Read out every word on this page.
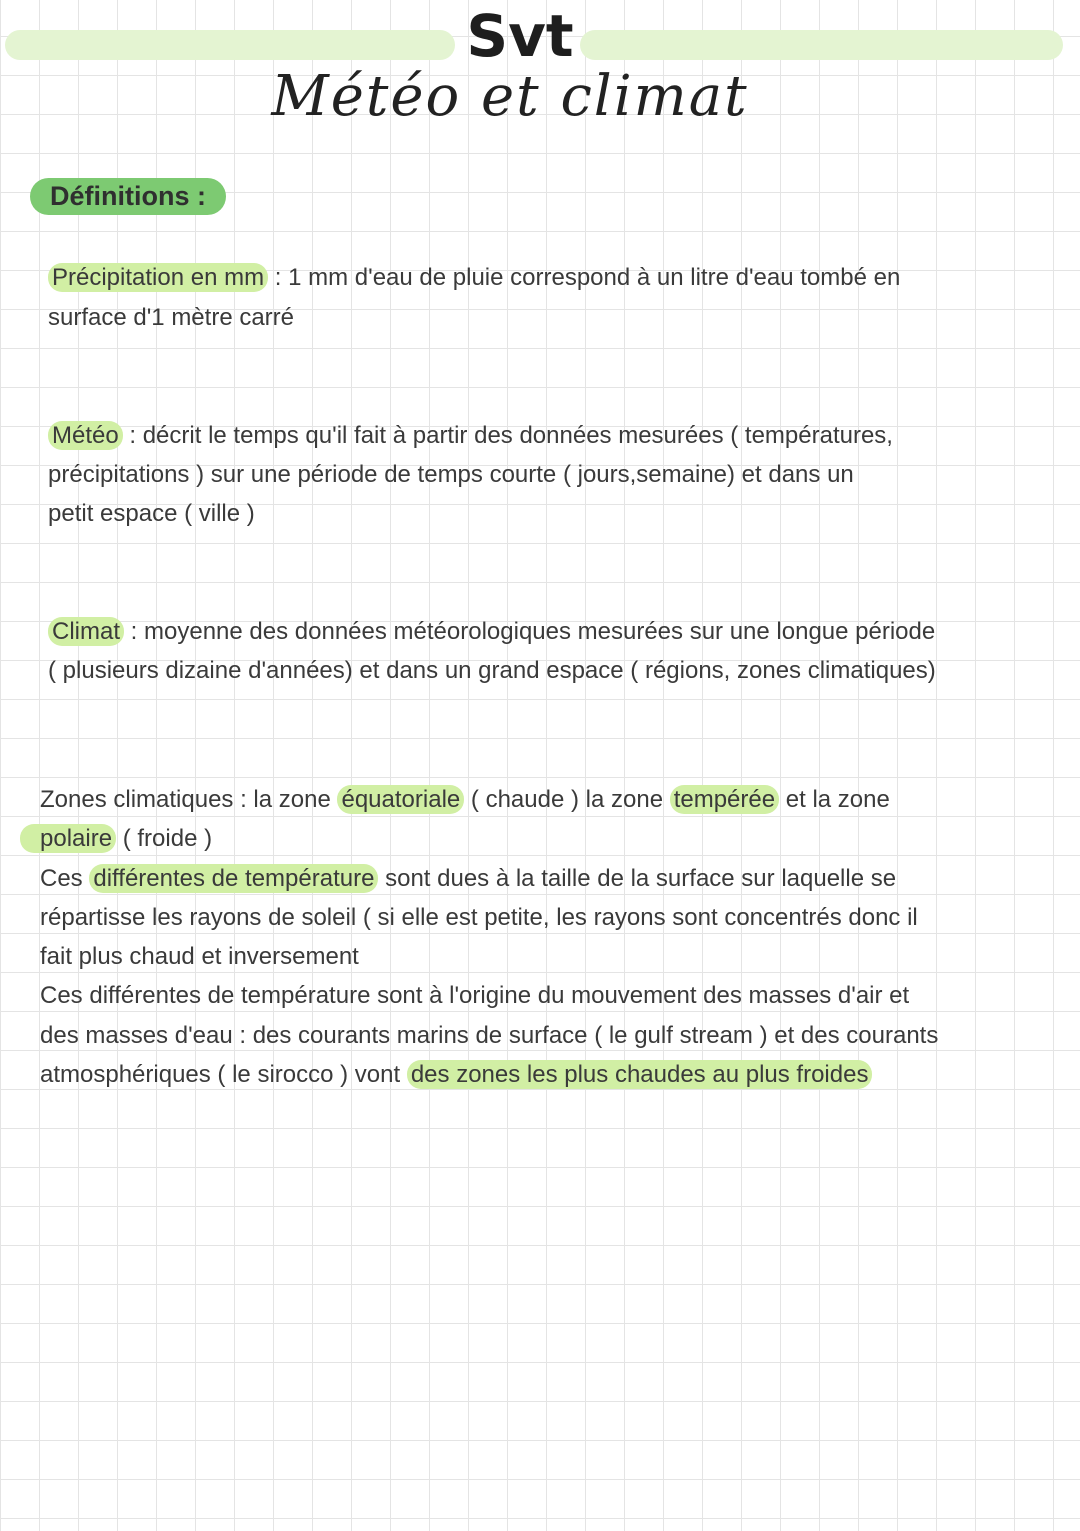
Svt
Météo et climat
Définitions :
Précipitation en mm : 1 mm d'eau de pluie correspond à un litre d'eau tombé en
surface d'1 mètre carré
Météo : décrit le temps qu'il fait à partir des données mesurées ( températures,
précipitations ) sur une période de temps courte ( jours,semaine) et dans un
petit espace ( ville )
Climat : moyenne des données météorologiques mesurées sur une longue période
( plusieurs dizaine d'années) et dans un grand espace ( régions, zones climatiques)
Zones climatiques : la zone équatoriale ( chaude ) la zone tempérée et la zone
polaire ( froide )
Ces différentes de température sont dues à la taille de la surface sur laquelle se
répartisse les rayons de soleil ( si elle est petite, les rayons sont concentrés donc il
fait plus chaud et inversement
Ces différentes de température sont à l'origine du mouvement des masses d'air et
des masses d'eau : des courants marins de surface ( le gulf stream ) et des courants
atmosphériques ( le sirocco ) vont des zones les plus chaudes au plus froides
